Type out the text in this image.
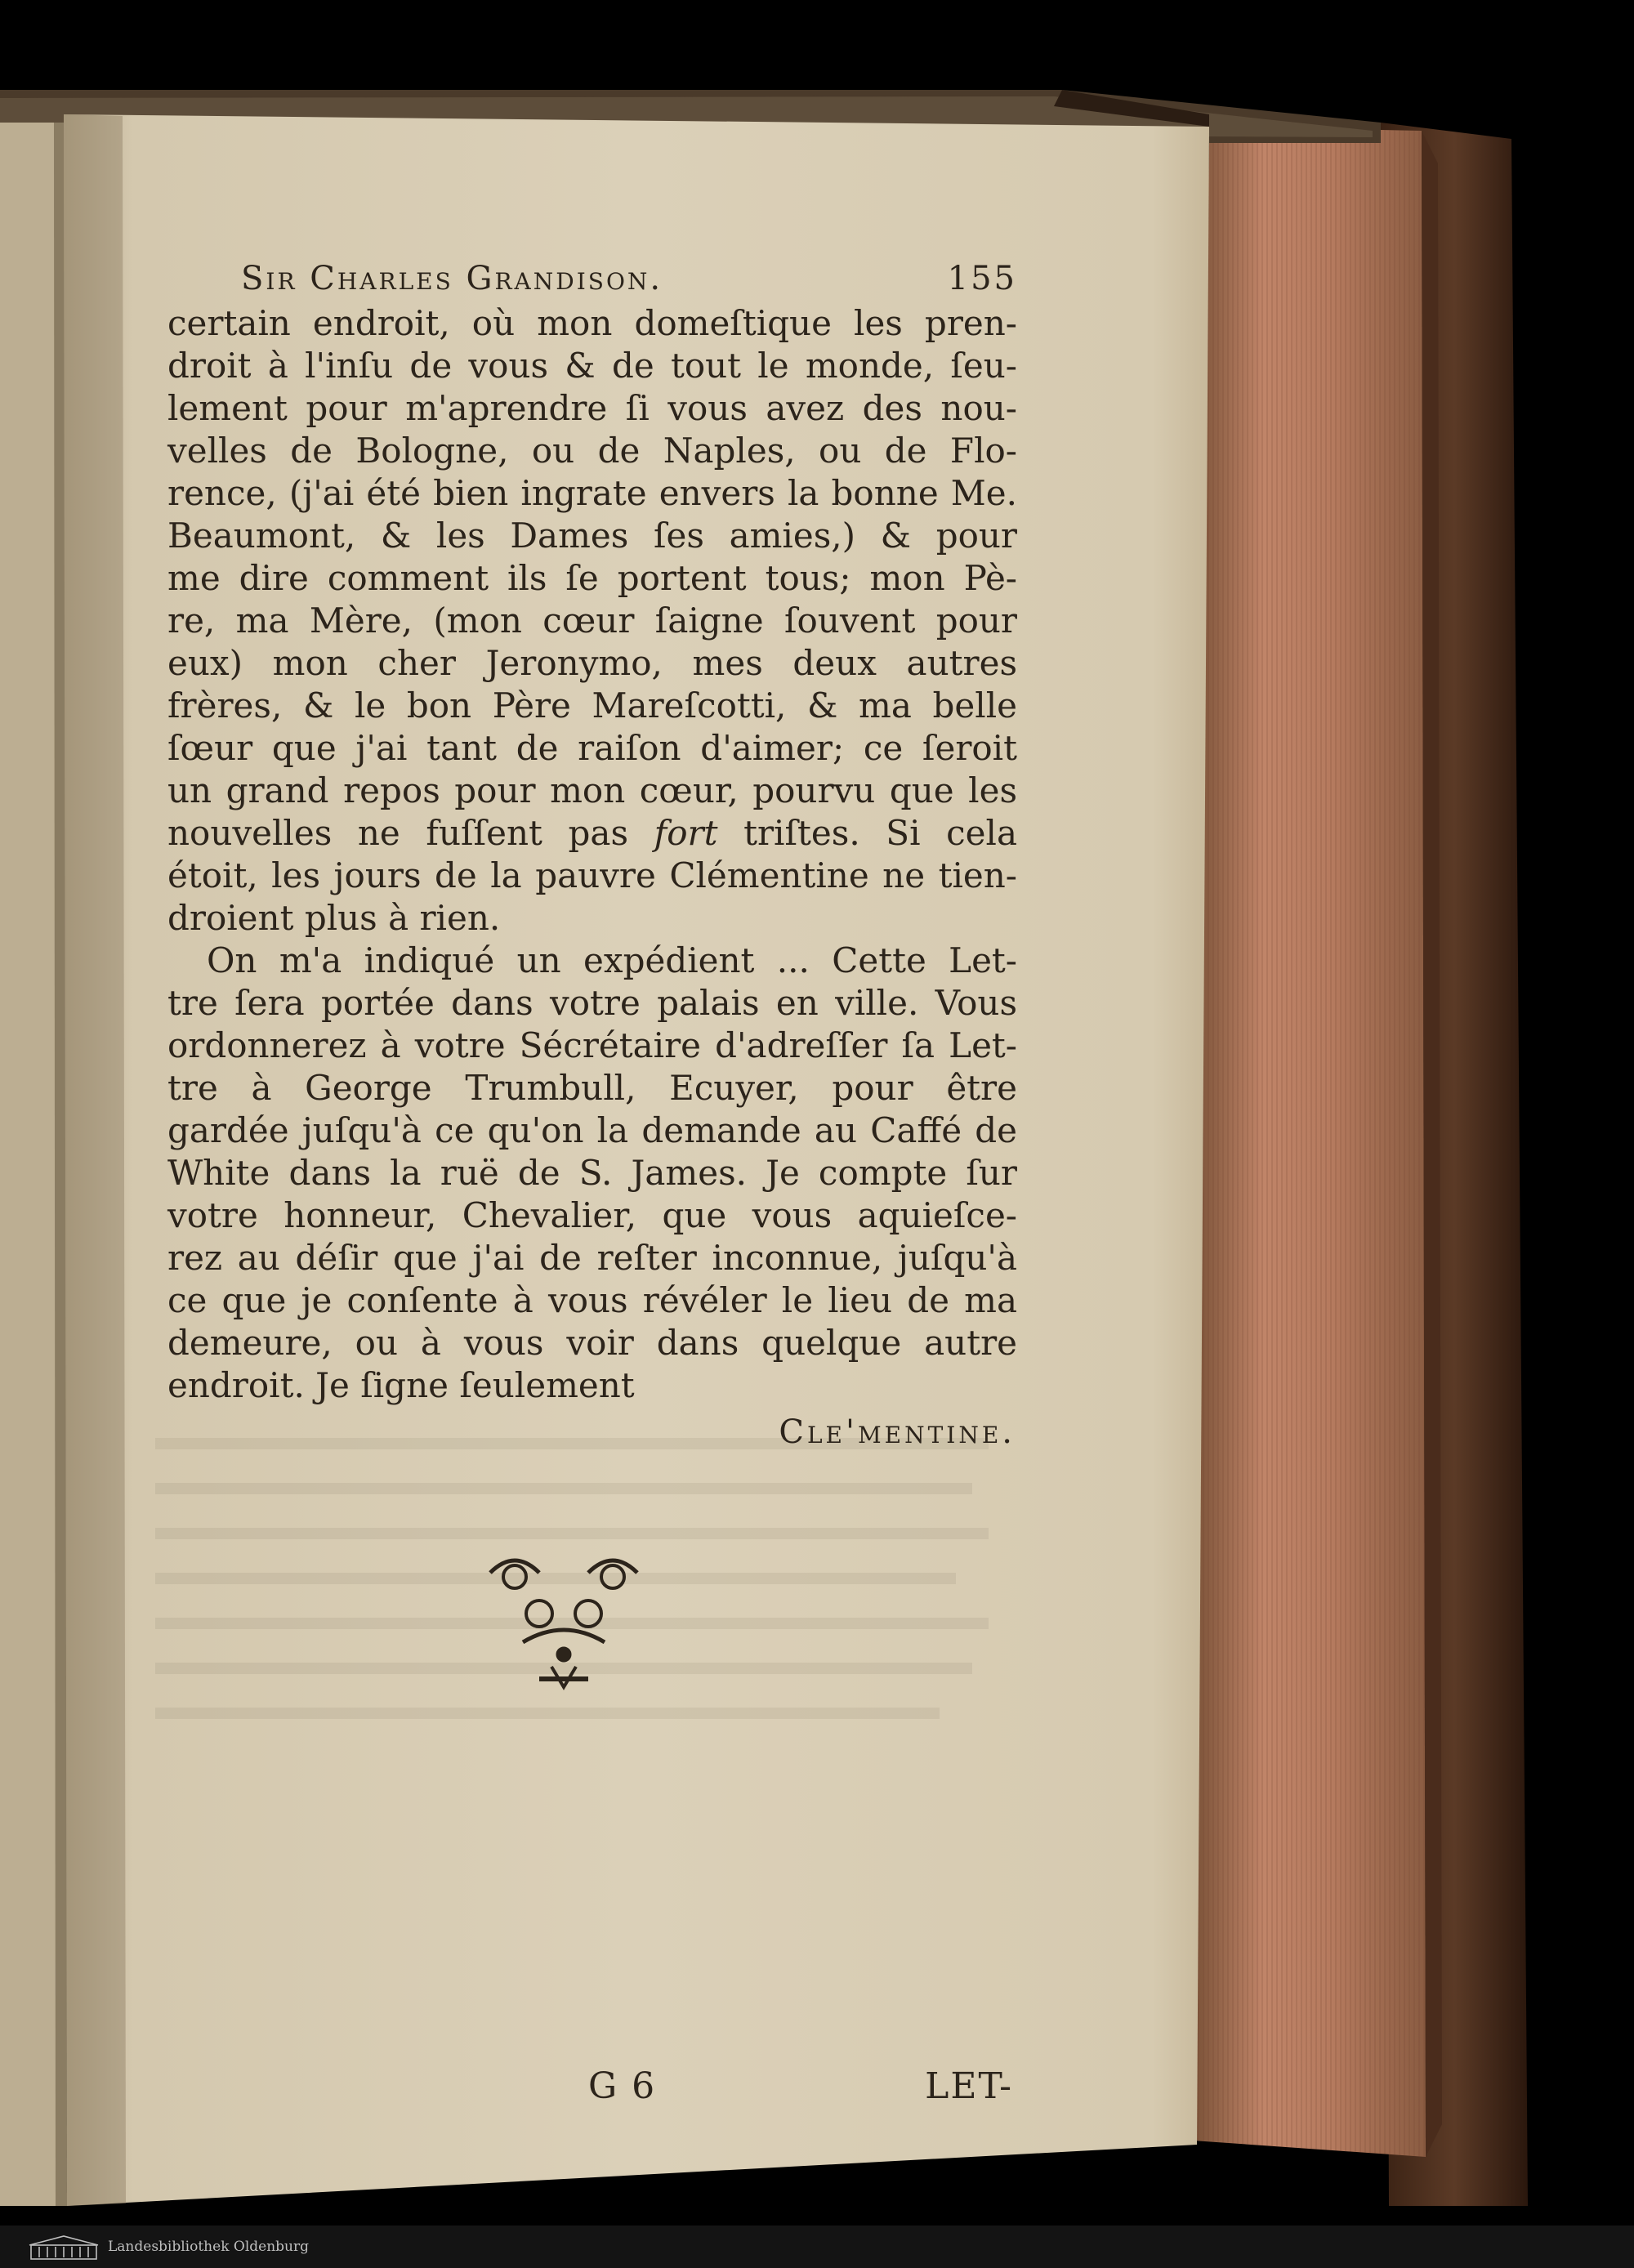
Sir Charles Grandison.	155
certain endroit, où mon domeſtique les pren-
droit à l'inſu de vous & de tout le monde, ſeu-
lement pour m'aprendre ſi vous avez des nou-
velles de Bologne, ou de Naples, ou de Flo-
rence, (j'ai été bien ingrate envers la bonne Me.
Beaumont, & les Dames ſes amies,) & pour
me dire comment ils ſe portent tous; mon Pè-
re, ma Mère, (mon cœur ſaigne ſouvent pour
eux) mon cher Jeronymo, mes deux autres
frères, & le bon Père Mareſcotti, & ma belle
ſœur que j'ai tant de raiſon d'aimer; ce ſeroit
un grand repos pour mon cœur, pourvu que les
nouvelles ne fuſſent pas fort triſtes. Si cela
étoit, les jours de la pauvre Clémentine ne tien-
droient plus à rien.
On m'a indiqué un expédient ... Cette Let-
tre ſera portée dans votre palais en ville. Vous
ordonnerez à votre Sécrétaire d'adreſſer ſa Let-
tre à George Trumbull, Ecuyer, pour être
gardée juſqu'à ce qu'on la demande au Caffé de
White dans la ruë de S. James. Je compte ſur
votre honneur, Chevalier, que vous aquieſce-
rez au déſir que j'ai de reſter inconnue, juſqu'à
ce que je conſente à vous révéler le lieu de ma
demeure, ou à vous voir dans quelque autre
endroit. Je ſigne ſeulement
Cle'mentine.
G 6	LET-
Landesbibliothek Oldenburg
